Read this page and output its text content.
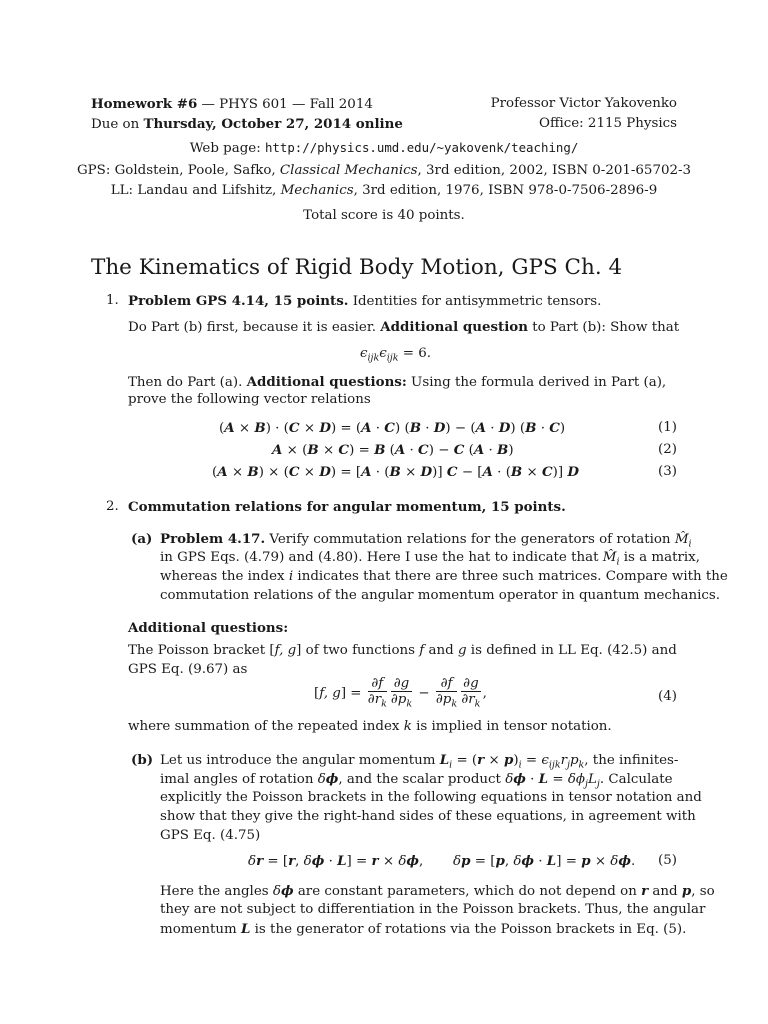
Homework #6 — PHYS 601 — Fall 2014
Due on Thursday, October 27, 2014 online
Professor Victor Yakovenko
Office: 2115 Physics
Web page: http://physics.umd.edu/~yakovenk/teaching/
GPS: Goldstein, Poole, Safko, Classical Mechanics, 3rd edition, 2002, ISBN 0-201-65702-3
LL: Landau and Lifshitz, Mechanics, 3rd edition, 1976, ISBN 978-0-7506-2896-9
Total score is 40 points.
The Kinematics of Rigid Body Motion, GPS Ch. 4
1. Problem GPS 4.14, 15 points. Identities for antisymmetric tensors.
Do Part (b) first, because it is easier. Additional question to Part (b): Show that
$\epsilon_{ijk}\epsilon_{ijk} = 6$.
Then do Part (a). Additional questions: Using the formula derived in Part (a),
prove the following vector relations
(A × B) · (C × D) = (A · C) (B · D) − (A · D) (B · C)	(1)
A × (B × C) = B (A · C) − C (A · B)	(2)
(A × B) × (C × D) = [A · (B × D)] C − [A · (B × C)] D	(3)
2. Commutation relations for angular momentum, 15 points.
(a) Problem 4.17. Verify commutation relations for the generators of rotation $M̂_i$
in GPS Eqs. (4.79) and (4.80). Here I use the hat to indicate that $M̂_i$ is a matrix,
whereas the index i indicates that there are three such matrices. Compare with the
commutation relations of the angular momentum operator in quantum mechanics.
Additional questions:
The Poisson bracket [f, g] of two functions f and g is defined in LL Eq. (42.5) and
GPS Eq. (9.67) as
[f, $g] = \frac{\partial f}{\partial r_k} \frac{\partial g}{\partial p_k} - \frac{\partial f}{\partial p_k} \frac{\partial g}{\partial r_k}$ ,	(4)
where summation of the repeated index k is implied in tensor notation.
(b) Let us introduce the angular momentum $L_i = (r \times p)_i = \epsilon_{ijk}r_jp_k$, the infinites-
imal angles of rotation δϕ, and the scalar product $\delta\phi \cdot L = \delta\phi_jL_j$. Calculate
explicitly the Poisson brackets in the following equations in tensor notation and
show that they give the right-hand sides of these equations, in agreement with
GPS Eq. (4.75)
δr = [r, δϕ · L] = r × δϕ,       δp = [p, δϕ · L] = p × δϕ. (5)
Here the angles δϕ are constant parameters, which do not depend on r and p, so
they are not subject to differentiation in the Poisson brackets. Thus, the angular
momentum L is the generator of rotations via the Poisson brackets in Eq. (5).
